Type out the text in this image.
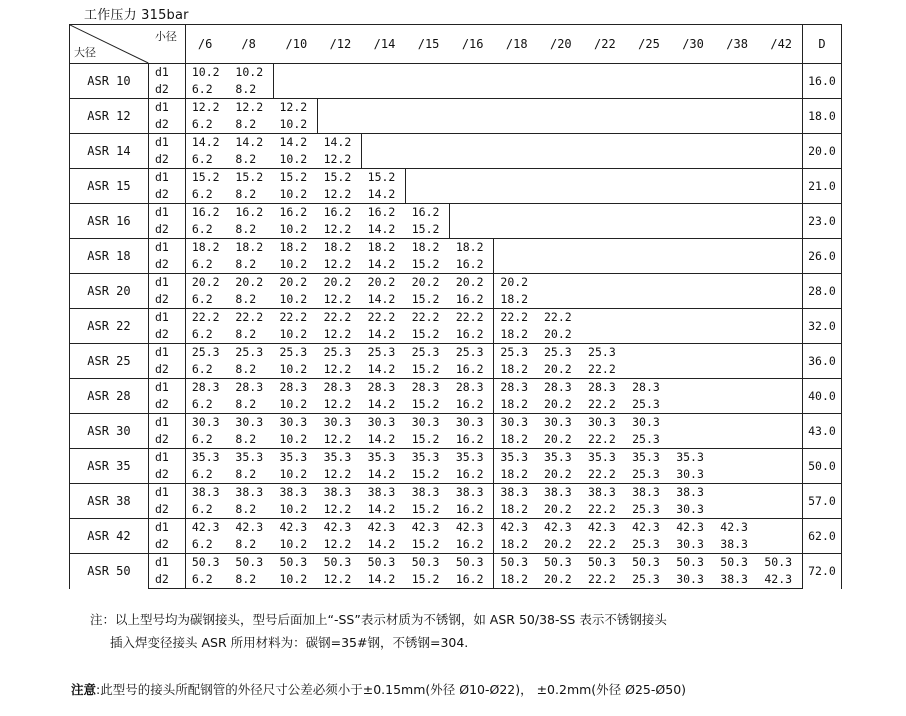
工作压力 315bar
小径
大径		/6	/8	/10	/12	/14	/15	/16	/18	/20	/22	/25	/30	/38	/42	D
ASR 10	d1	10.2	10.2													16.0
	d2	6.2	8.2													
ASR 12	d1	12.2	12.2	12.2												18.0
	d2	6.2	8.2	10.2												
ASR 14	d1	14.2	14.2	14.2	14.2											20.0
	d2	6.2	8.2	10.2	12.2											
ASR 15	d1	15.2	15.2	15.2	15.2	15.2										21.0
	d2	6.2	8.2	10.2	12.2	14.2										
ASR 16	d1	16.2	16.2	16.2	16.2	16.2	16.2									23.0
	d2	6.2	8.2	10.2	12.2	14.2	15.2									
ASR 18	d1	18.2	18.2	18.2	18.2	18.2	18.2	18.2								26.0
	d2	6.2	8.2	10.2	12.2	14.2	15.2	16.2								
ASR 20	d1	20.2	20.2	20.2	20.2	20.2	20.2	20.2	20.2							28.0
	d2	6.2	8.2	10.2	12.2	14.2	15.2	16.2	18.2							
ASR 22	d1	22.2	22.2	22.2	22.2	22.2	22.2	22.2	22.2	22.2						32.0
	d2	6.2	8.2	10.2	12.2	14.2	15.2	16.2	18.2	20.2						
ASR 25	d1	25.3	25.3	25.3	25.3	25.3	25.3	25.3	25.3	25.3	25.3					36.0
	d2	6.2	8.2	10.2	12.2	14.2	15.2	16.2	18.2	20.2	22.2					
ASR 28	d1	28.3	28.3	28.3	28.3	28.3	28.3	28.3	28.3	28.3	28.3	28.3				40.0
	d2	6.2	8.2	10.2	12.2	14.2	15.2	16.2	18.2	20.2	22.2	25.3				
ASR 30	d1	30.3	30.3	30.3	30.3	30.3	30.3	30.3	30.3	30.3	30.3	30.3				43.0
	d2	6.2	8.2	10.2	12.2	14.2	15.2	16.2	18.2	20.2	22.2	25.3				
ASR 35	d1	35.3	35.3	35.3	35.3	35.3	35.3	35.3	35.3	35.3	35.3	35.3	35.3			50.0
	d2	6.2	8.2	10.2	12.2	14.2	15.2	16.2	18.2	20.2	22.2	25.3	30.3			
ASR 38	d1	38.3	38.3	38.3	38.3	38.3	38.3	38.3	38.3	38.3	38.3	38.3	38.3			57.0
	d2	6.2	8.2	10.2	12.2	14.2	15.2	16.2	18.2	20.2	22.2	25.3	30.3			
ASR 42	d1	42.3	42.3	42.3	42.3	42.3	42.3	42.3	42.3	42.3	42.3	42.3	42.3	42.3		62.0
	d2	6.2	8.2	10.2	12.2	14.2	15.2	16.2	18.2	20.2	22.2	25.3	30.3	38.3		
ASR 50	d1	50.3	50.3	50.3	50.3	50.3	50.3	50.3	50.3	50.3	50.3	50.3	50.3	50.3	50.3	72.0
	d2	6.2	8.2	10.2	12.2	14.2	15.2	16.2	18.2	20.2	22.2	25.3	30.3	38.3	42.3	
注：以上型号均为碳钢接头，型号后面加上“-SS”表示材质为不锈钢，如 ASR 50/38-SS 表示不锈钢接头
插入焊变径接头 ASR 所用材料为：碳钢=35#钢，不锈钢=304.
注意:此型号的接头所配钢管的外径尺寸公差必须小于±0.15mm(外径 Ø10-Ø22)， ±0.2mm(外径 Ø25-Ø50)
